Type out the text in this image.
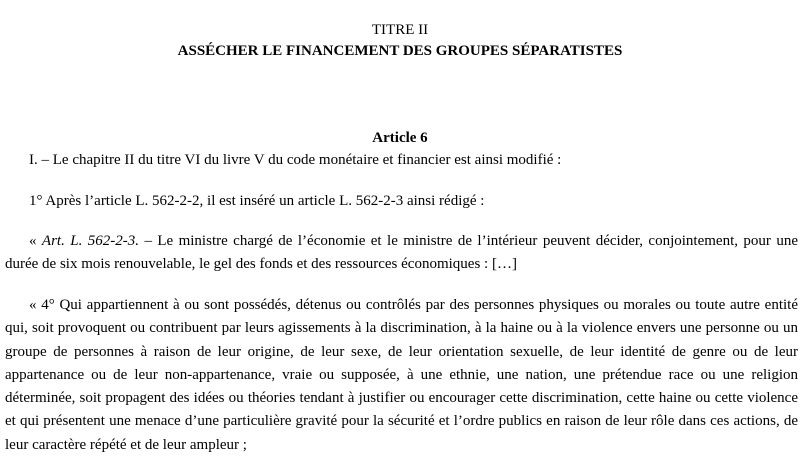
TITRE II
ASSÉCHER LE FINANCEMENT DES GROUPES SÉPARATISTES
Article 6

I. – Le chapitre II du titre VI du livre V du code monétaire et financier est ainsi modifié :

1° Après l’article L. 562-2-2, il est inséré un article L. 562-2-3 ainsi rédigé :

« Art. L. 562-2-3. – Le ministre chargé de l’économie et le ministre de l’intérieur peuvent décider, conjointement, pour une durée de six mois renouvelable, le gel des fonds et des ressources économiques : […]

« 4° Qui appartiennent à ou sont possédés, détenus ou contrôlés par des personnes physiques ou morales ou toute autre entité qui, soit provoquent ou contribuent par leurs agissements à la discrimination, à la haine ou à la violence envers une personne ou un groupe de personnes à raison de leur origine, de leur sexe, de leur orientation sexuelle, de leur identité de genre ou de leur appartenance ou de leur non-appartenance, vraie ou supposée, à une ethnie, une nation, une prétendue race ou une religion déterminée, soit propagent des idées ou théories tendant à justifier ou encourager cette discrimination, cette haine ou cette violence et qui présentent une menace d’une particulière gravité pour la sécurité et l’ordre publics en raison de leur rôle dans ces actions, de leur caractère répété et de leur ampleur ;
